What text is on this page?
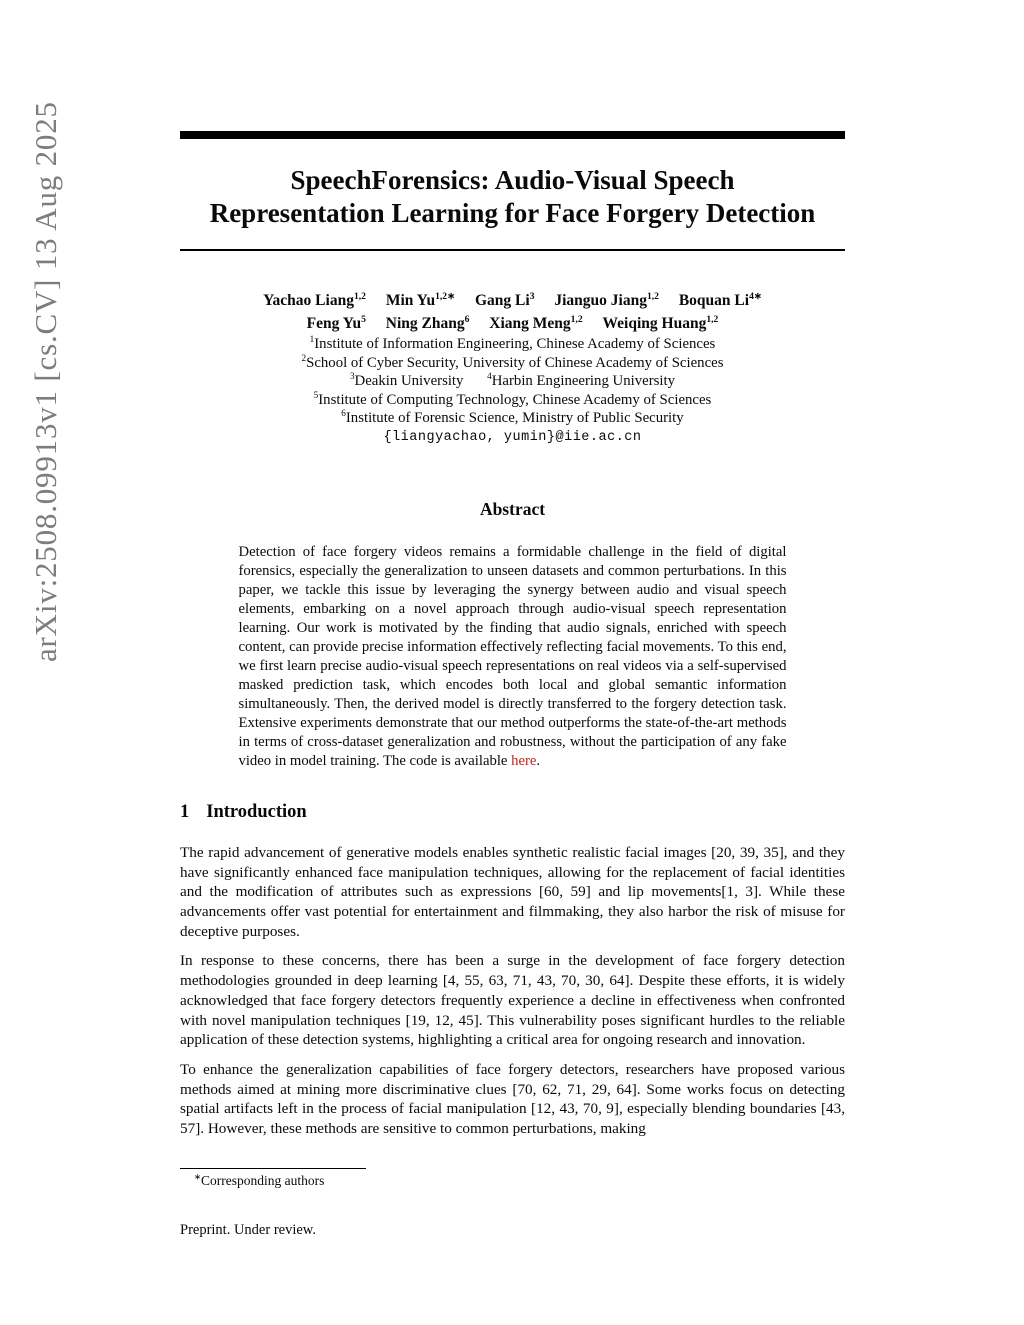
arXiv:2508.09913v1 [cs.CV] 13 Aug 2025	SpeechForensics: Audio-Visual Speech
Representation Learning for Face Forgery Detection
Yachao Liang$^{1,2}$ Min $Yu^{1,2∗}$ Gang Li$^3$ Jianguo Jiang$^{1,2}$ Boquan $Li^{4∗}$
Feng Yu$^5$ Ning Zhang$^6$ Xiang Meng$^{1,2}$ Weiqing Huang$^{1,2}$
$^1$Institute of Information Engineering, Chinese Academy of Sciences
$^2$School of Cyber Security, University of Chinese Academy of Sciences
$^3$Deakin University	$^4$Harbin Engineering University
$^5$Institute of Computing Technology, Chinese Academy of Sciences
$^6$Institute of Forensic Science, Ministry of Public Security
{liangyachao, yumin}@iie.ac.cn
Abstract

Detection of face forgery videos remains a formidable challenge in the field of digital forensics, especially the generalization to unseen datasets and common perturbations. In this paper, we tackle this issue by leveraging the synergy between audio and visual speech elements, embarking on a novel approach through audio-visual speech representation learning. Our work is motivated by the finding that audio signals, enriched with speech content, can provide precise information effectively reflecting facial movements. To this end, we first learn precise audio-visual speech representations on real videos via a self-supervised masked prediction task, which encodes both local and global semantic information simultaneously. Then, the derived model is directly transferred to the forgery detection task. Extensive experiments demonstrate that our method outperforms the state-of-the-art methods in terms of cross-dataset generalization and robustness, without the participation of any fake video in model training. The code is available here.

1 Introduction

The rapid advancement of generative models enables synthetic realistic facial images [20, 39, 35], and they have significantly enhanced face manipulation techniques, allowing for the replacement of facial identities and the modification of attributes such as expressions [60, 59] and lip movements[1, 3]. While these advancements offer vast potential for entertainment and filmmaking, they also harbor the risk of misuse for deceptive purposes.

In response to these concerns, there has been a surge in the development of face forgery detection methodologies grounded in deep learning [4, 55, 63, 71, 43, 70, 30, 64]. Despite these efforts, it is widely acknowledged that face forgery detectors frequently experience a decline in effectiveness when confronted with novel manipulation techniques [19, 12, 45]. This vulnerability poses significant hurdles to the reliable application of these detection systems, highlighting a critical area for ongoing research and innovation.

To enhance the generalization capabilities of face forgery detectors, researchers have proposed various methods aimed at mining more discriminative clues [70, 62, 71, 29, 64]. Some works focus on detecting spatial artifacts left in the process of facial manipulation [12, 43, 70, 9], especially blending boundaries [43, 57]. However, these methods are sensitive to common perturbations, making

∗Corresponding authors
Preprint. Under review.
